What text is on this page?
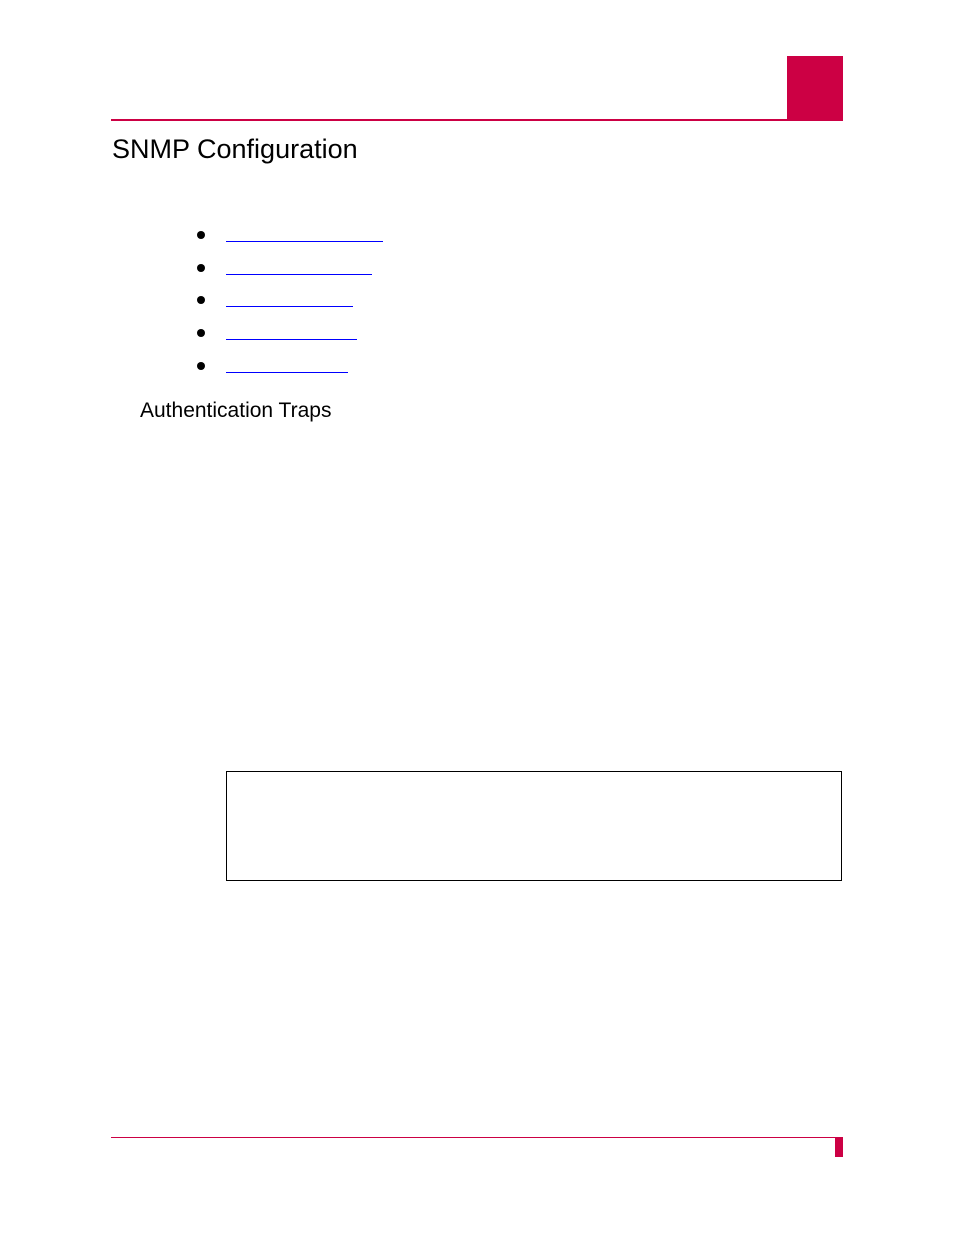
SNMP Configuration
Authentication Traps
